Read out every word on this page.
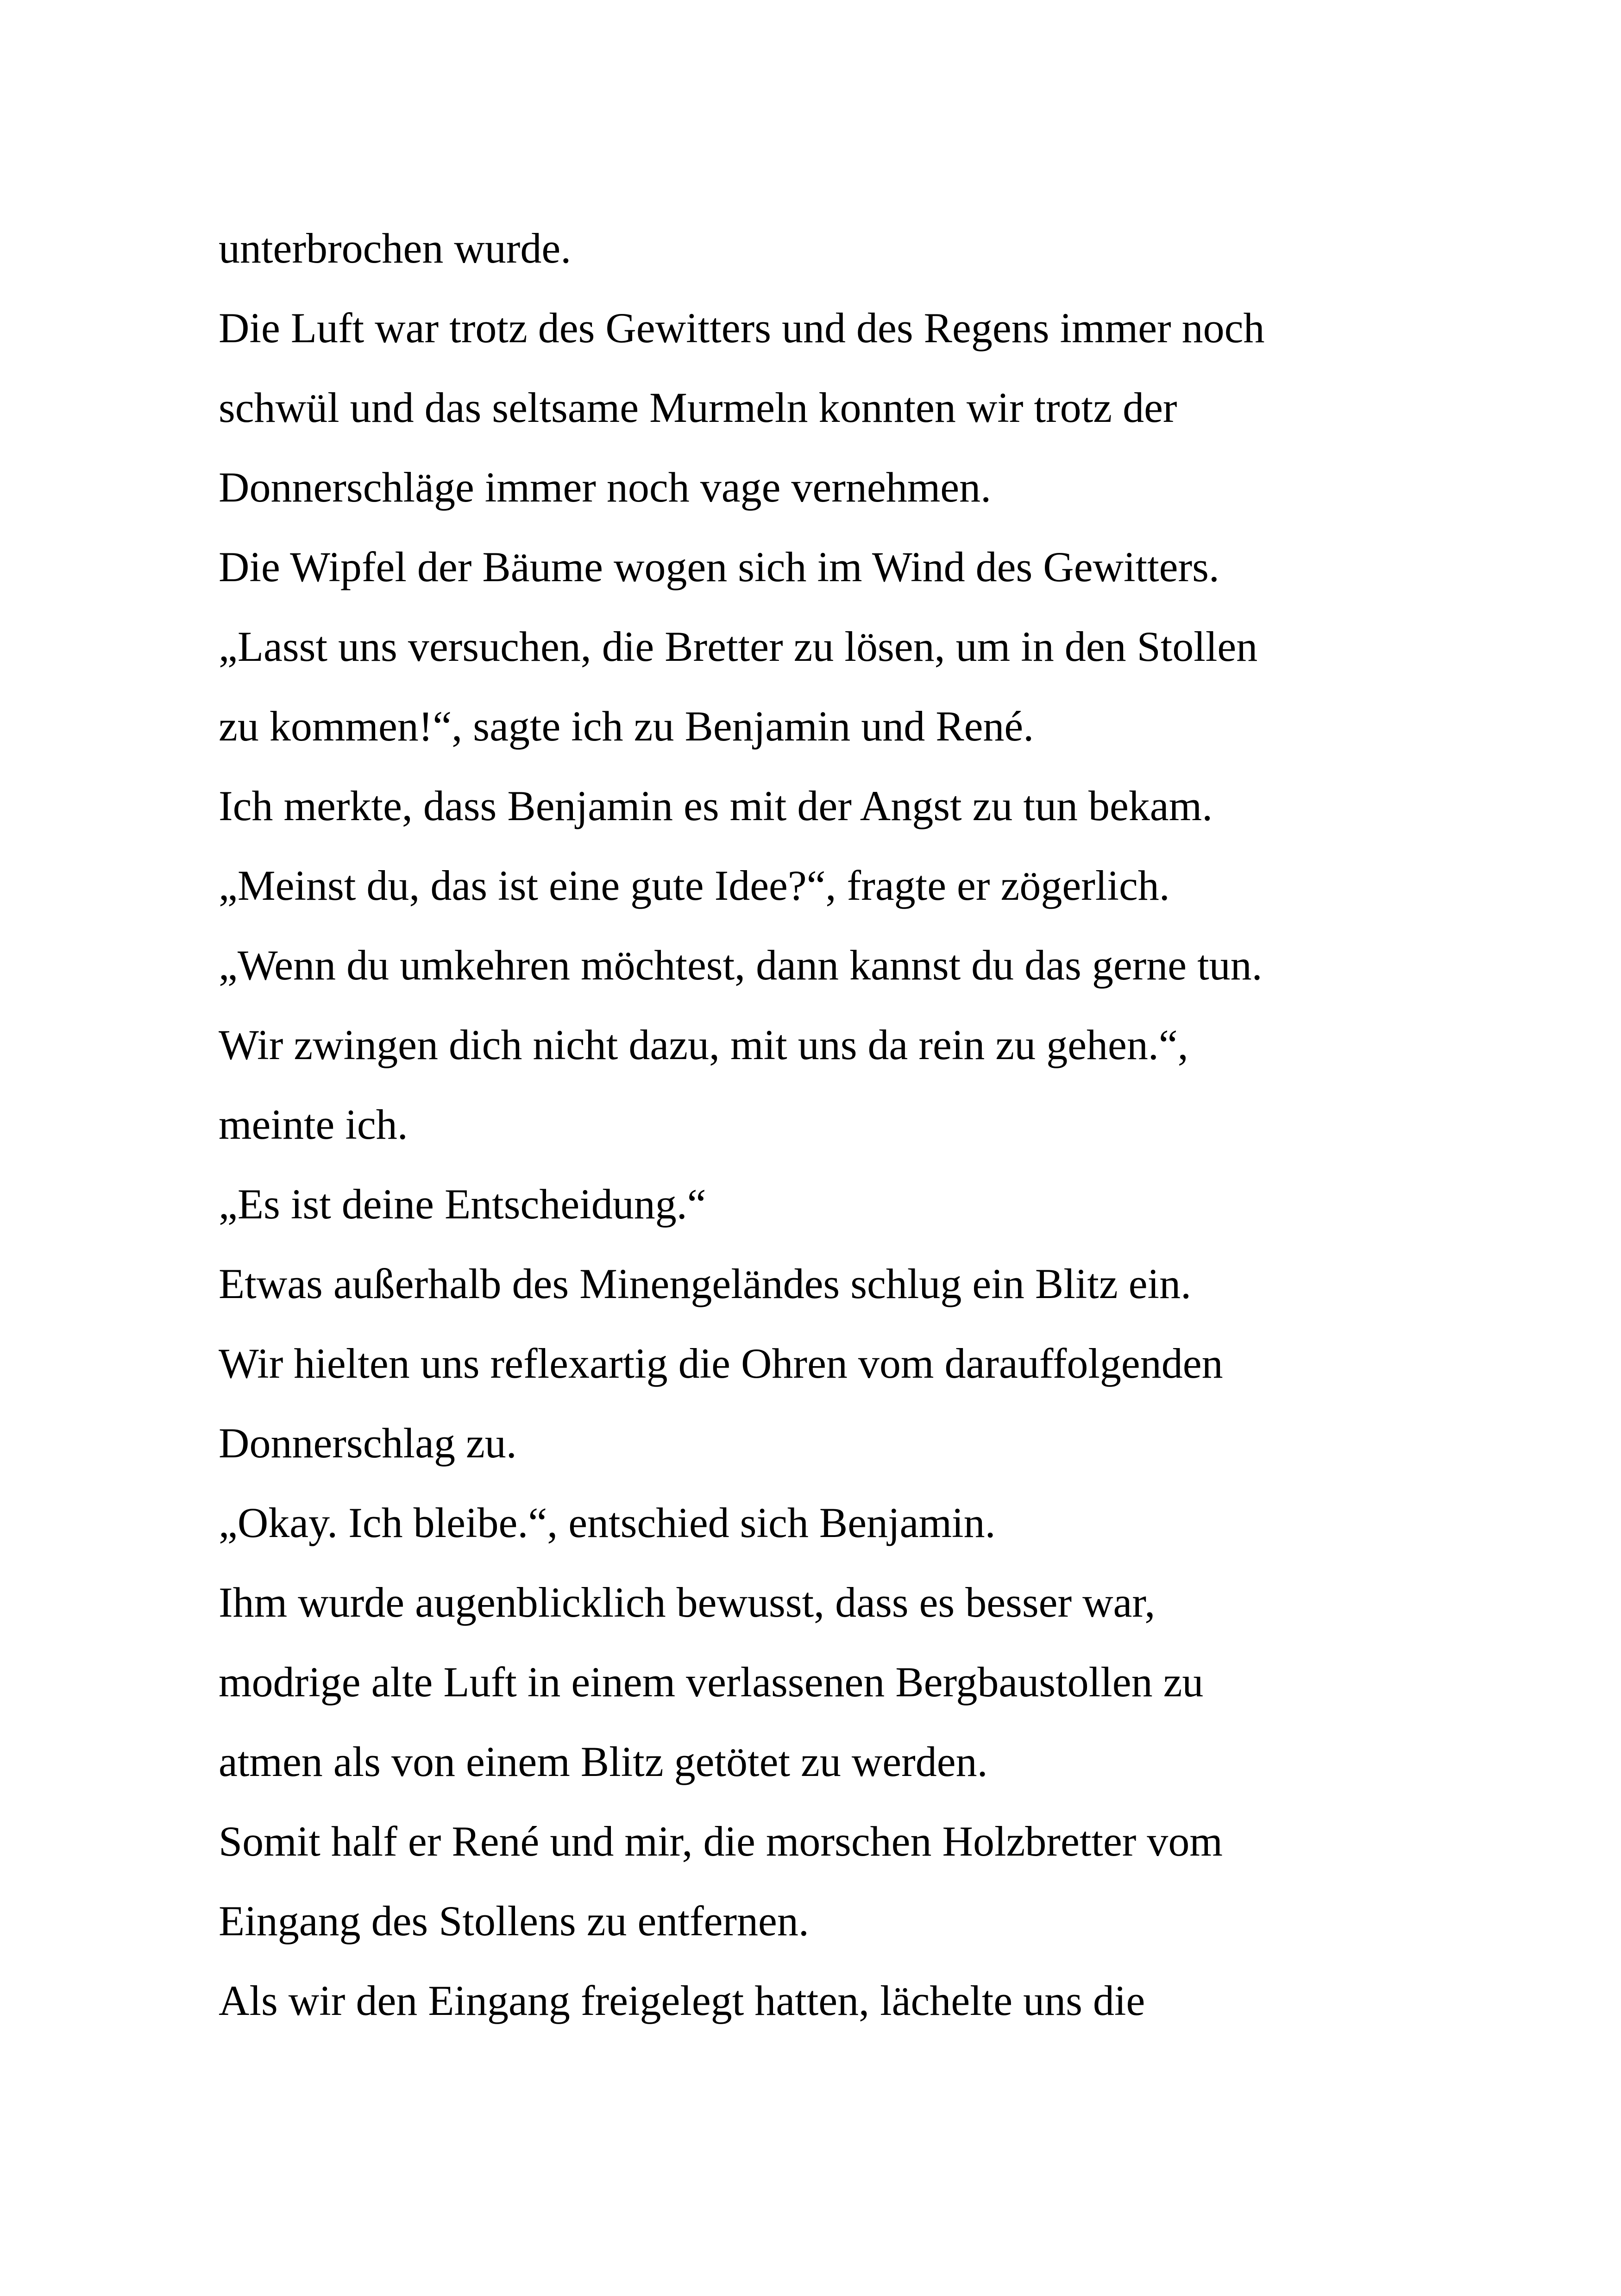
unterbrochen wurde.
Die Luft war trotz des Gewitters und des Regens immer noch
schwül und das seltsame Murmeln konnten wir trotz der
Donnerschläge immer noch vage vernehmen.
Die Wipfel der Bäume wogen sich im Wind des Gewitters.
„Lasst uns versuchen, die Bretter zu lösen, um in den Stollen
zu kommen!“, sagte ich zu Benjamin und René.
Ich merkte, dass Benjamin es mit der Angst zu tun bekam.
„Meinst du, das ist eine gute Idee?“, fragte er zögerlich.
„Wenn du umkehren möchtest, dann kannst du das gerne tun.
Wir zwingen dich nicht dazu, mit uns da rein zu gehen.“,
meinte ich.
„Es ist deine Entscheidung.“
Etwas außerhalb des Minengeländes schlug ein Blitz ein.
Wir hielten uns reflexartig die Ohren vom darauffolgenden
Donnerschlag zu.
„Okay. Ich bleibe.“, entschied sich Benjamin.
Ihm wurde augenblicklich bewusst, dass es besser war,
modrige alte Luft in einem verlassenen Bergbaustollen zu
atmen als von einem Blitz getötet zu werden.
Somit half er René und mir, die morschen Holzbretter vom
Eingang des Stollens zu entfernen.
Als wir den Eingang freigelegt hatten, lächelte uns die
